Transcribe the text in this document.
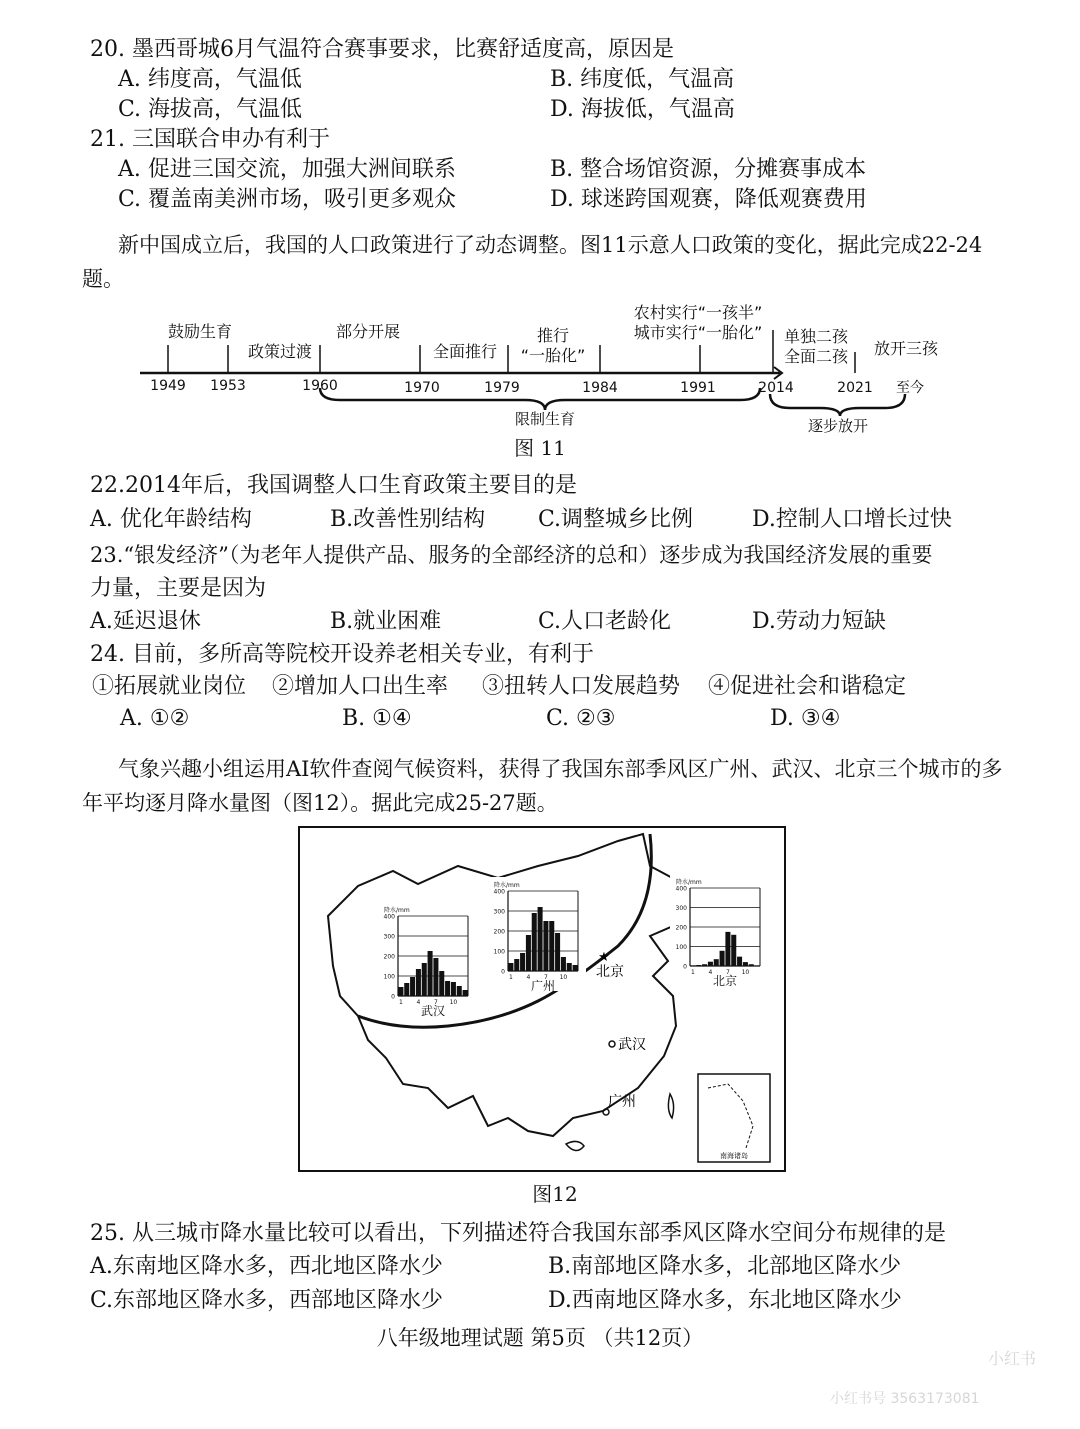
20. 墨西哥城6月气温符合赛事要求，比赛舒适度高，原因是
A. 纬度高，气温低	B. 纬度低，气温高
C. 海拔高，气温低	D. 海拔低，气温高
21. 三国联合申办有利于
A. 促进三国交流，加强大洲间联系	B. 整合场馆资源，分摊赛事成本
C. 覆盖南美洲市场，吸引更多观众	D. 球迷跨国观赛，降低观赛费用
新中国成立后，我国的人口政策进行了动态调整。图11示意人口政策的变化，据此完成22-24题。
鼓励生育
政策过渡
部分开展
全面推行
推行
“一胎化”
农村实行“一孩半”
城市实行“一胎化” 单独二孩
全面二孩 放开三孩
1949 1953	1960	1970	1979	1984	1991	2014	2021 至今
限制生育	逐步放开
图 11
22.2014年后，我国调整人口生育政策主要目的是
A. 优化年龄结构	B.改善性别结构 C.调整城乡比例	D.控制人口增长过快
23.“银发经济”（为老年人提供产品、服务的全部经济的总和）逐步成为我国经济发展的重要
力量，主要是因为
A.延迟退休	B.就业困难	C.人口老龄化	D.劳动力短缺
24. 目前，多所高等院校开设养老相关专业，有利于
①拓展就业岗位 ②增加人口出生率 ③扭转人口发展趋势 ④促进社会和谐稳定
A. ①②	B. ①④	C. ②③	D. ③④
气象兴趣小组运用AI软件查阅气候资料，获得了我国东部季风区广州、武汉、北京三个城市的多年平均逐月降水量图（图12）。据此完成25-27题。
南海诸岛
★
北京
武汉
广州
降水/mm
0
100
200
300
400
1 4 7 10
武汉
降水/mm
0
100
200
300
400
1 4 7 10
广州
降水/mm
0
100
200
300
400
1 4 7 10
北京
图12
25. 从三城市降水量比较可以看出，下列描述符合我国东部季风区降水空间分布规律的是
A.东南地区降水多，西北地区降水少	B.南部地区降水多，北部地区降水少
C.东部地区降水多，西部地区降水少	D.西南地区降水多，东北地区降水少
八年级地理试题 第5页 （共12页）
小红书
小红书号 3563173081
